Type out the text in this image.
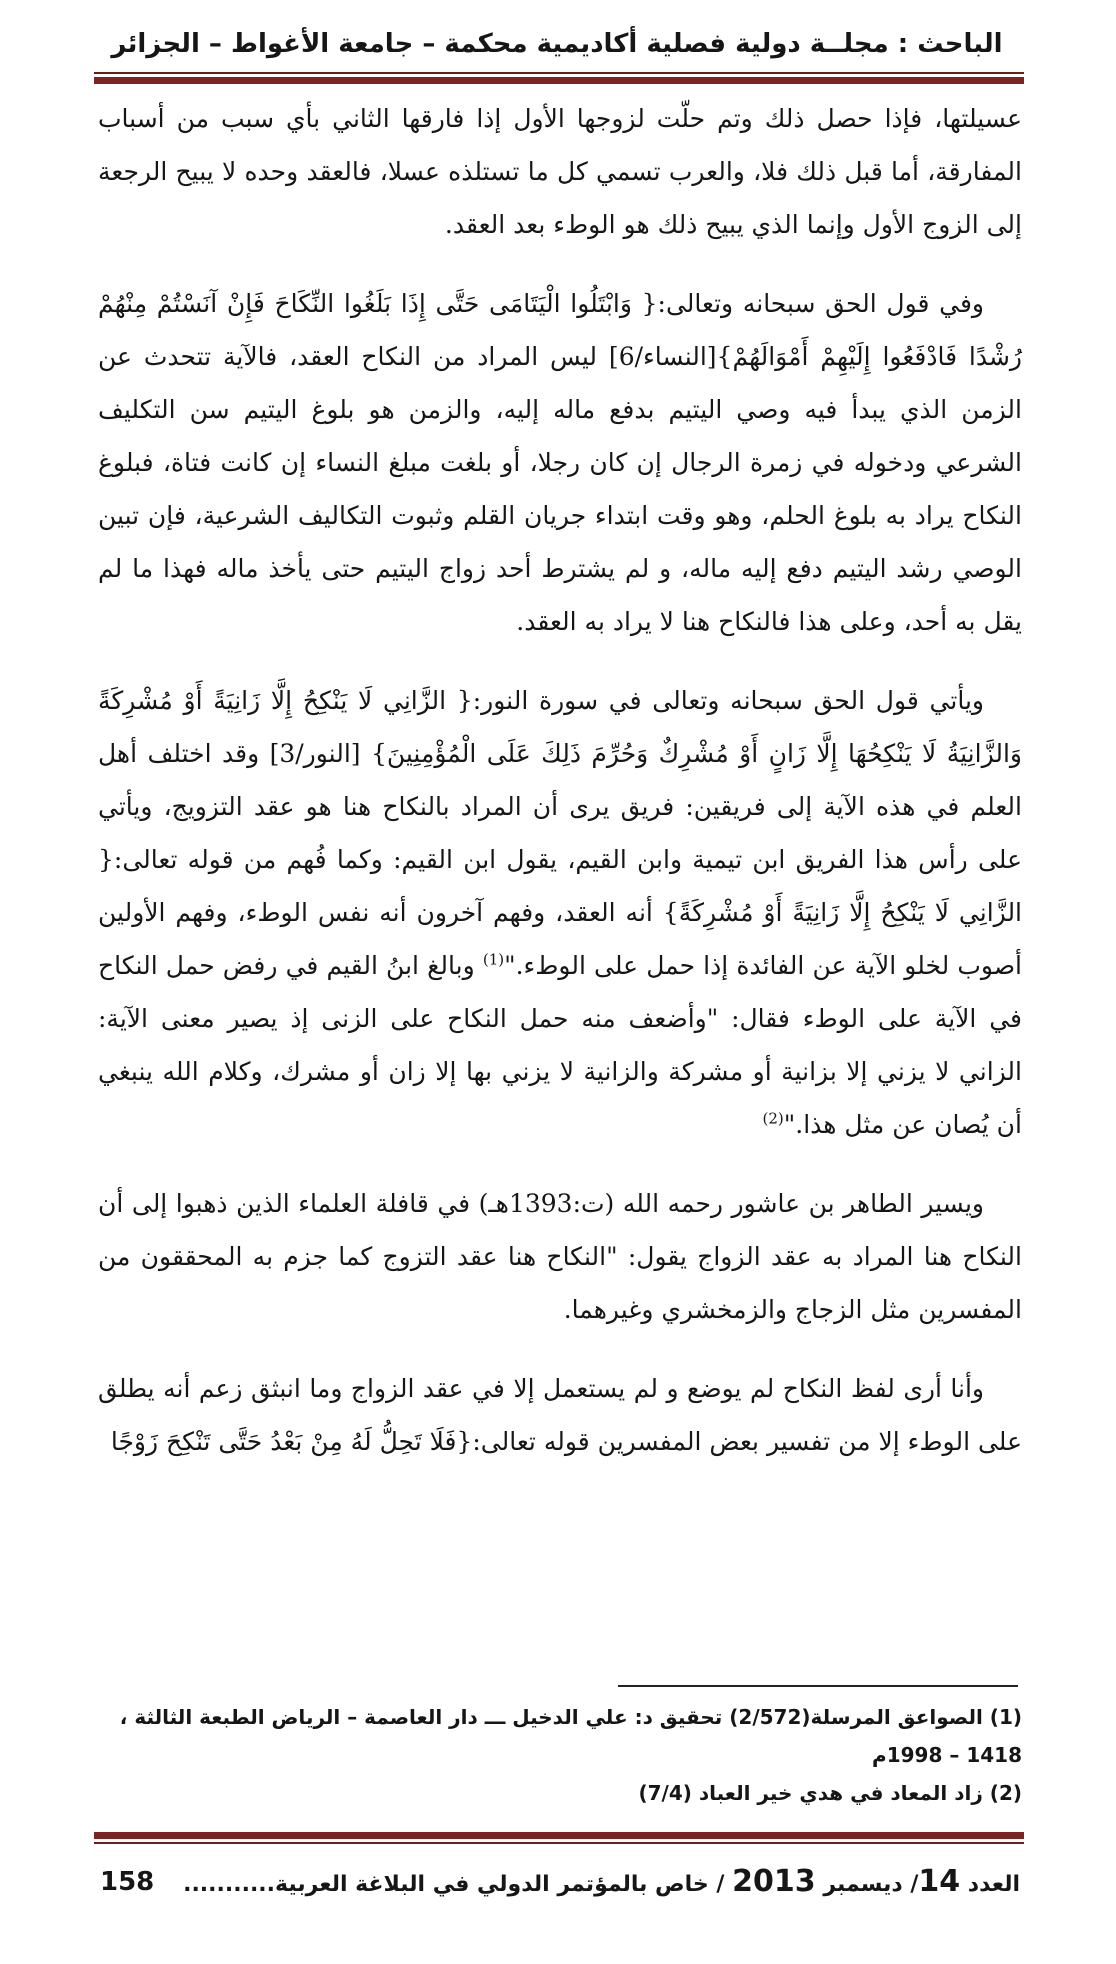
الباحث : مجلــة دولية فصلية أكاديمية محكمة – جامعة الأغواط – الجزائر

عسيلتها، فإذا حصل ذلك وتم حلّت لزوجها الأول إذا فارقها الثاني بأي سبب من أسباب المفارقة، أما قبل ذلك فلا، والعرب تسمي كل ما تستلذه عسلا، فالعقد وحده لا يبيح الرجعة إلى الزوج الأول وإنما الذي يبيح ذلك هو الوطء بعد العقد.

وفي قول الحق سبحانه وتعالى:{ وَابْتَلُوا الْيَتَامَى حَتَّى إِذَا بَلَغُوا النِّكَاحَ فَإِنْ آنَسْتُمْ مِنْهُمْ رُشْدًا فَادْفَعُوا إِلَيْهِمْ أَمْوَالَهُمْ}[النساء/6] ليس المراد من النكاح العقد، فالآية تتحدث عن الزمن الذي يبدأ فيه وصي اليتيم بدفع ماله إليه، والزمن هو بلوغ اليتيم سن التكليف الشرعي ودخوله في زمرة الرجال إن كان رجلا، أو بلغت مبلغ النساء إن كانت فتاة، فبلوغ النكاح يراد به بلوغ الحلم، وهو وقت ابتداء جريان القلم وثبوت التكاليف الشرعية، فإن تبين الوصي رشد اليتيم دفع إليه ماله، و لم يشترط أحد زواج اليتيم حتى يأخذ ماله فهذا ما لم يقل به أحد، وعلى هذا فالنكاح هنا لا يراد به العقد.

ويأتي قول الحق سبحانه وتعالى في سورة النور:{ الزَّانِي لَا يَنْكِحُ إِلَّا زَانِيَةً أَوْ مُشْرِكَةً وَالزَّانِيَةُ لَا يَنْكِحُهَا إِلَّا زَانٍ أَوْ مُشْرِكٌ وَحُرِّمَ ذَلِكَ عَلَى الْمُؤْمِنِينَ} [النور/3] وقد اختلف أهل العلم في هذه الآية إلى فريقين: فريق يرى أن المراد بالنكاح هنا هو عقد التزويج، ويأتي على رأس هذا الفريق ابن تيمية وابن القيم، يقول ابن القيم: وكما فُهم من قوله تعالى:{ الزَّانِي لَا يَنْكِحُ إِلَّا زَانِيَةً أَوْ مُشْرِكَةً} أنه العقد، وفهم آخرون أنه نفس الوطء، وفهم الأولين أصوب لخلو الآية عن الفائدة إذا حمل على الوطء."$^{(1)}$ وبالغ ابنُ القيم في رفض حمل النكاح في الآية على الوطء فقال: "وأضعف منه حمل النكاح على الزنى إذ يصير معنى الآية: الزاني لا يزني إلا بزانية أو مشركة والزانية لا يزني بها إلا زان أو مشرك، وكلام الله ينبغي أن يُصان عن مثل هذا."$^{(2)}$

ويسير الطاهر بن عاشور رحمه الله (ت:1393هـ) في قافلة العلماء الذين ذهبوا إلى أن النكاح هنا المراد به عقد الزواج يقول: "النكاح هنا عقد التزوج كما جزم به المحققون من المفسرين مثل الزجاج والزمخشري وغيرهما.

وأنا أرى لفظ النكاح لم يوضع و لم يستعمل إلا في عقد الزواج وما انبثق زعم أنه يطلق على الوطء إلا من تفسير بعض المفسرين قوله تعالى:{فَلَا تَحِلُّ لَهُ مِنْ بَعْدُ حَتَّى تَنْكِحَ زَوْجًا

(1) الصواعق المرسلة(2/572) تحقيق د: علي الدخيل ـــ دار العاصمة – الرياض الطبعة الثالثة ، 1418 – 1998م

(2) زاد المعاد في هدي خير العباد (7/4)

العدد 14/ ديسمبر 2013 / خاص بالمؤتمر الدولي في البلاغة العربية...........
158
